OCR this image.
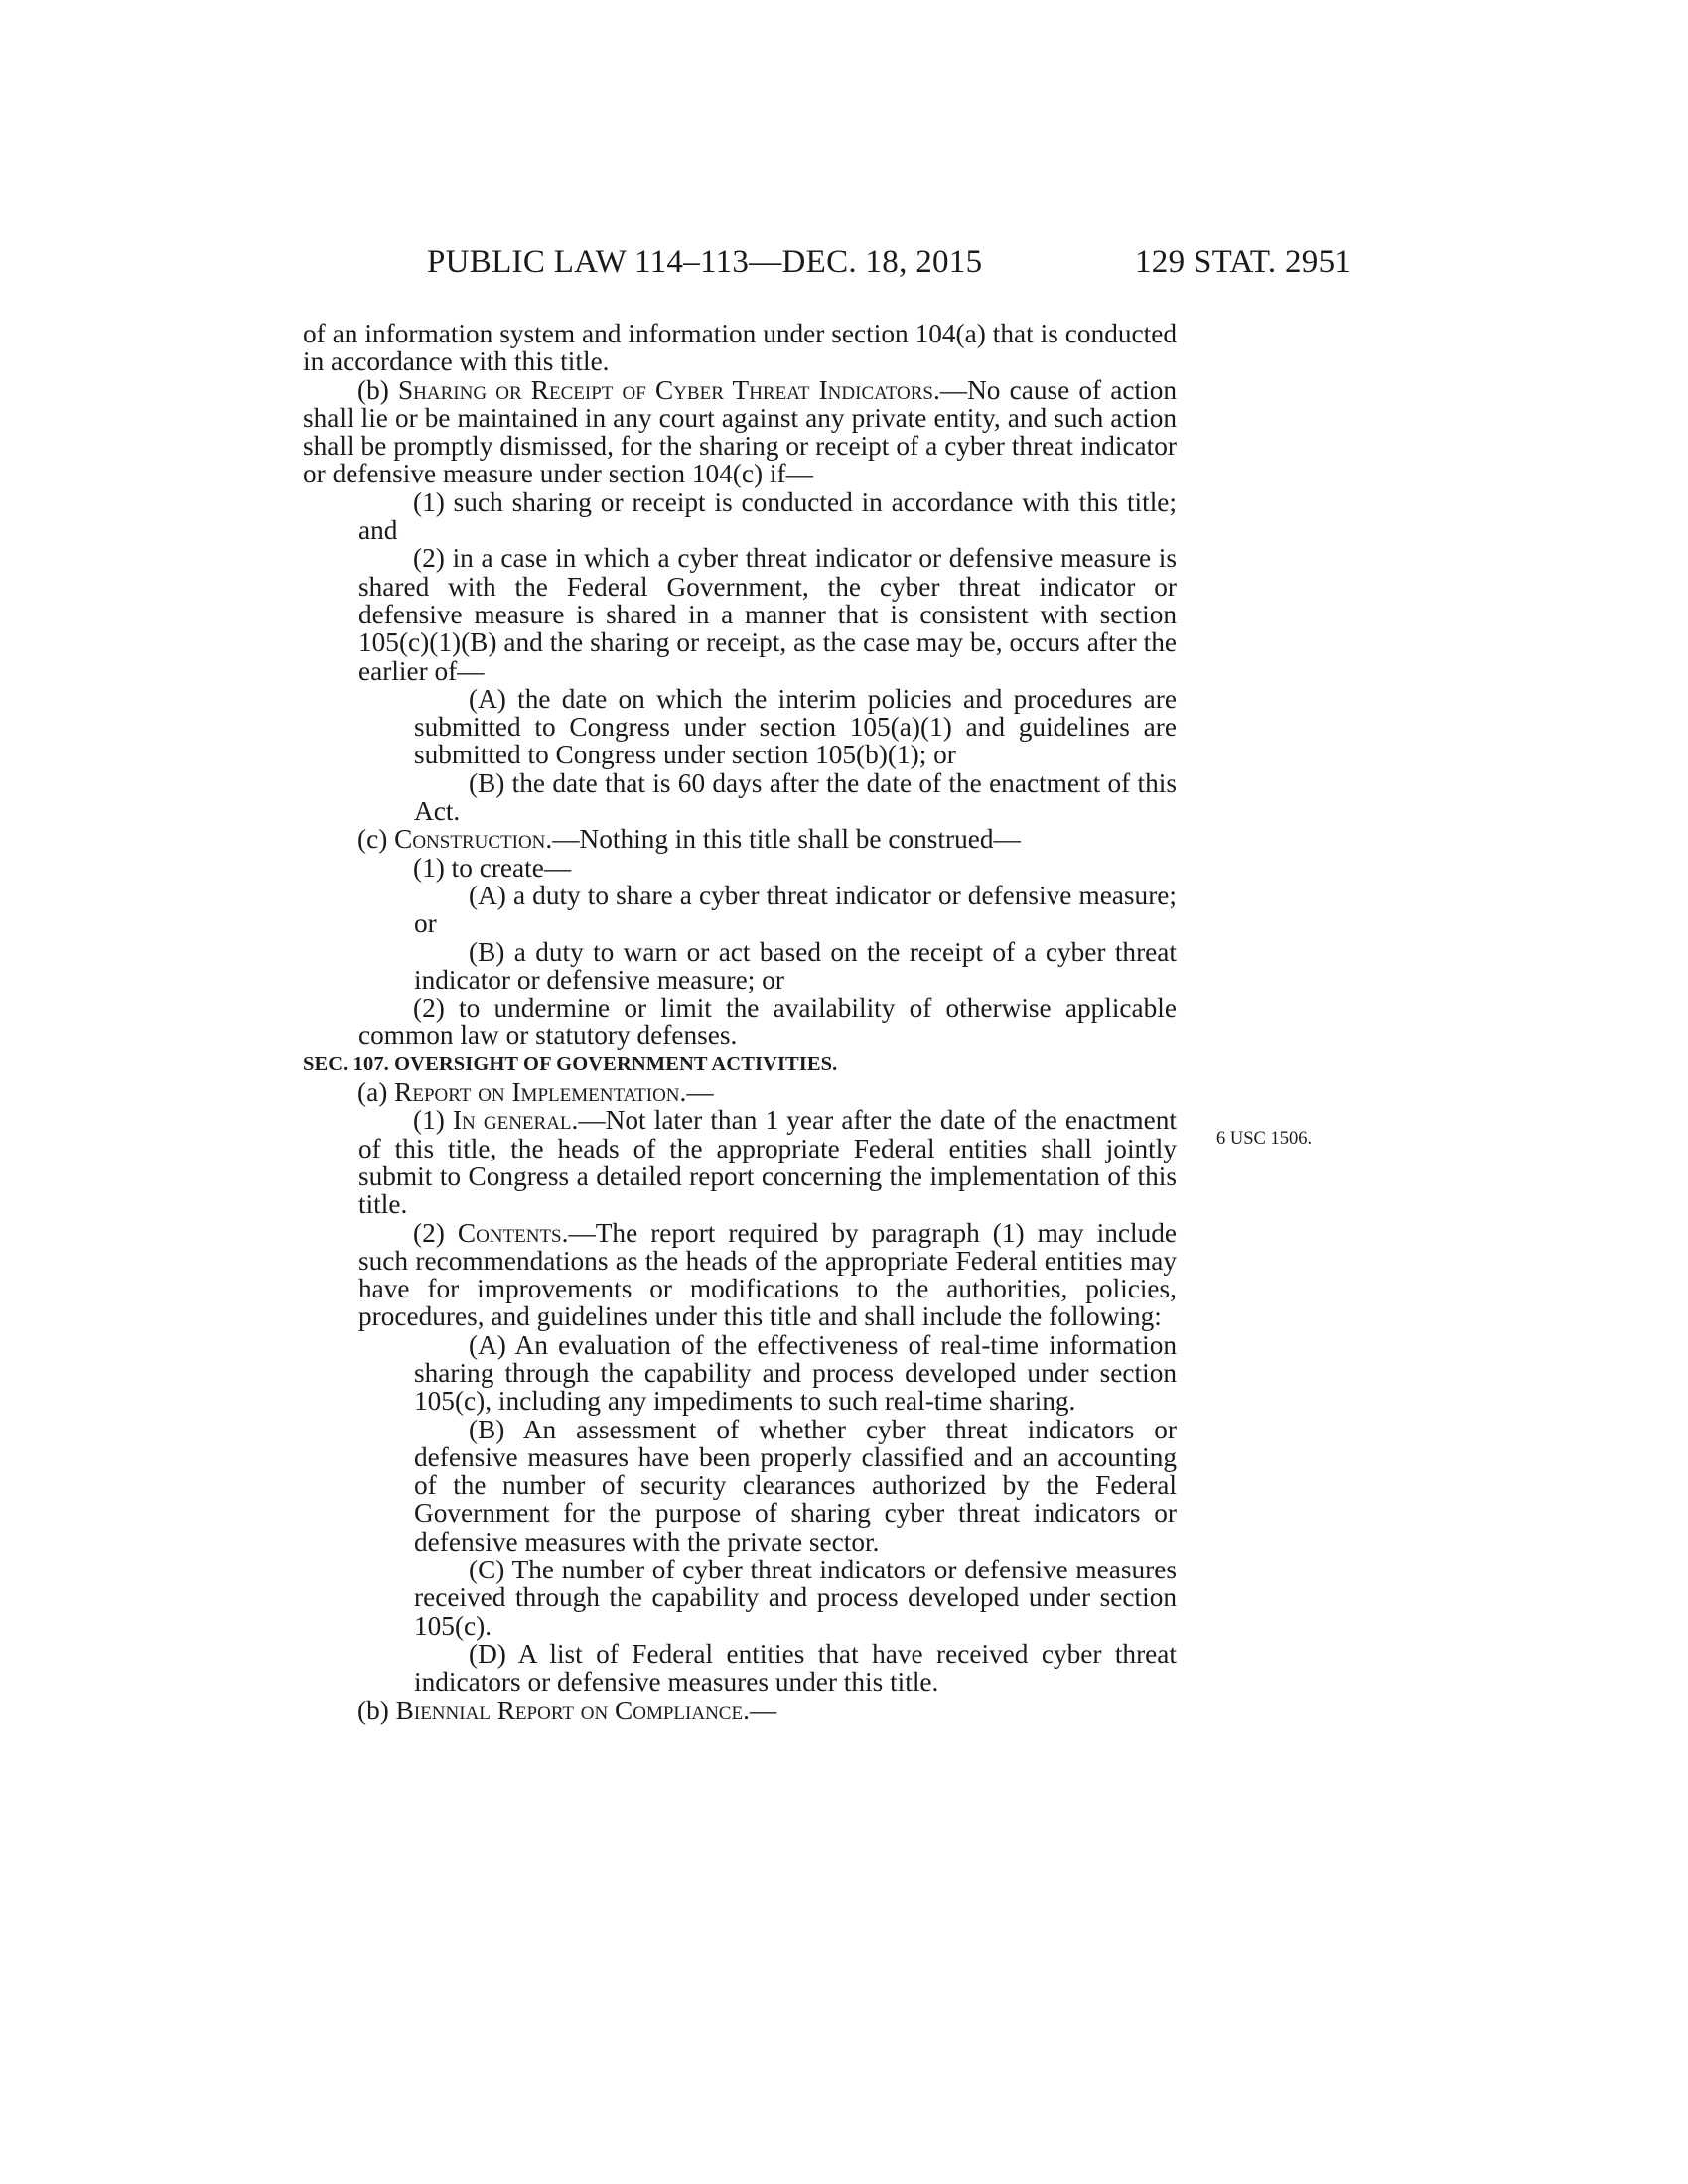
PUBLIC LAW 114–113—DEC. 18, 2015	129 STAT. 2951
6 USC 1506.

of an information system and information under section 104(a) that is conducted in accordance with this title.

(b) Sharing or Receipt of Cyber Threat Indicators.—No cause of action shall lie or be maintained in any court against any private entity, and such action shall be promptly dismissed, for the sharing or receipt of a cyber threat indicator or defensive measure under section 104(c) if—

(1) such sharing or receipt is conducted in accordance with this title; and

(2) in a case in which a cyber threat indicator or defensive measure is shared with the Federal Government, the cyber threat indicator or defensive measure is shared in a manner that is consistent with section 105(c)(1)(B) and the sharing or receipt, as the case may be, occurs after the earlier of—

(A) the date on which the interim policies and procedures are submitted to Congress under section 105(a)(1) and guidelines are submitted to Congress under section 105(b)(1); or

(B) the date that is 60 days after the date of the enactment of this Act.

(c) Construction.—Nothing in this title shall be construed—

(1) to create—

(A) a duty to share a cyber threat indicator or defensive measure; or

(B) a duty to warn or act based on the receipt of a cyber threat indicator or defensive measure; or

(2) to undermine or limit the availability of otherwise applicable common law or statutory defenses.

SEC. 107. OVERSIGHT OF GOVERNMENT ACTIVITIES.

(a) Report on Implementation.—

(1) In general.—Not later than 1 year after the date of the enactment of this title, the heads of the appropriate Federal entities shall jointly submit to Congress a detailed report concerning the implementation of this title.

(2) Contents.—The report required by paragraph (1) may include such recommendations as the heads of the appropriate Federal entities may have for improvements or modifications to the authorities, policies, procedures, and guidelines under this title and shall include the following:

(A) An evaluation of the effectiveness of real-time information sharing through the capability and process developed under section 105(c), including any impediments to such real-time sharing.

(B) An assessment of whether cyber threat indicators or defensive measures have been properly classified and an accounting of the number of security clearances authorized by the Federal Government for the purpose of sharing cyber threat indicators or defensive measures with the private sector.

(C) The number of cyber threat indicators or defensive measures received through the capability and process developed under section 105(c).

(D) A list of Federal entities that have received cyber threat indicators or defensive measures under this title.

(b) Biennial Report on Compliance.—
